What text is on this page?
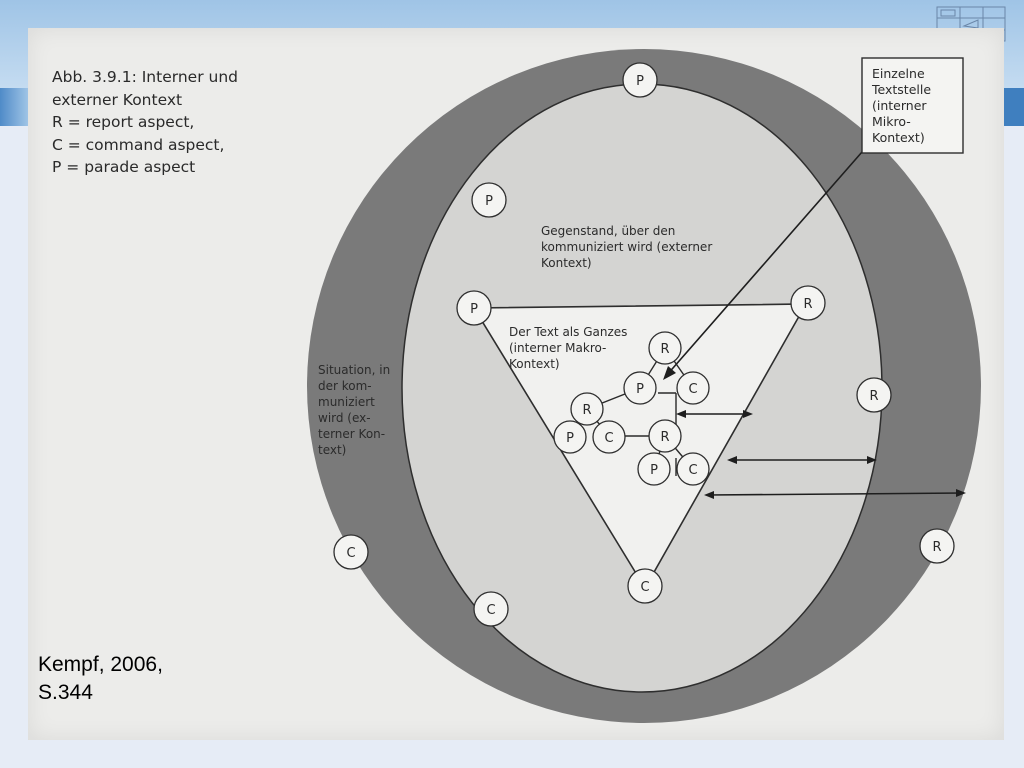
Einzelne Textstelle (interner Mikro- Kontext)
Situation, in der kom- muniziert wird (ex- terner Kon- text)
Gegenstand, über den kommuniziert wird (externer Kontext)
Der Text als Ganzes (interner Makro- Kontext)
P
P
R
R
C
C
P	R
C
R
P	C
R
P C	R
P C
Abb. 3.9.1: Interner und
externer Kontext
R = report aspect,
C = command aspect,
P = parade aspect
Kempf, 2006,
S.344
